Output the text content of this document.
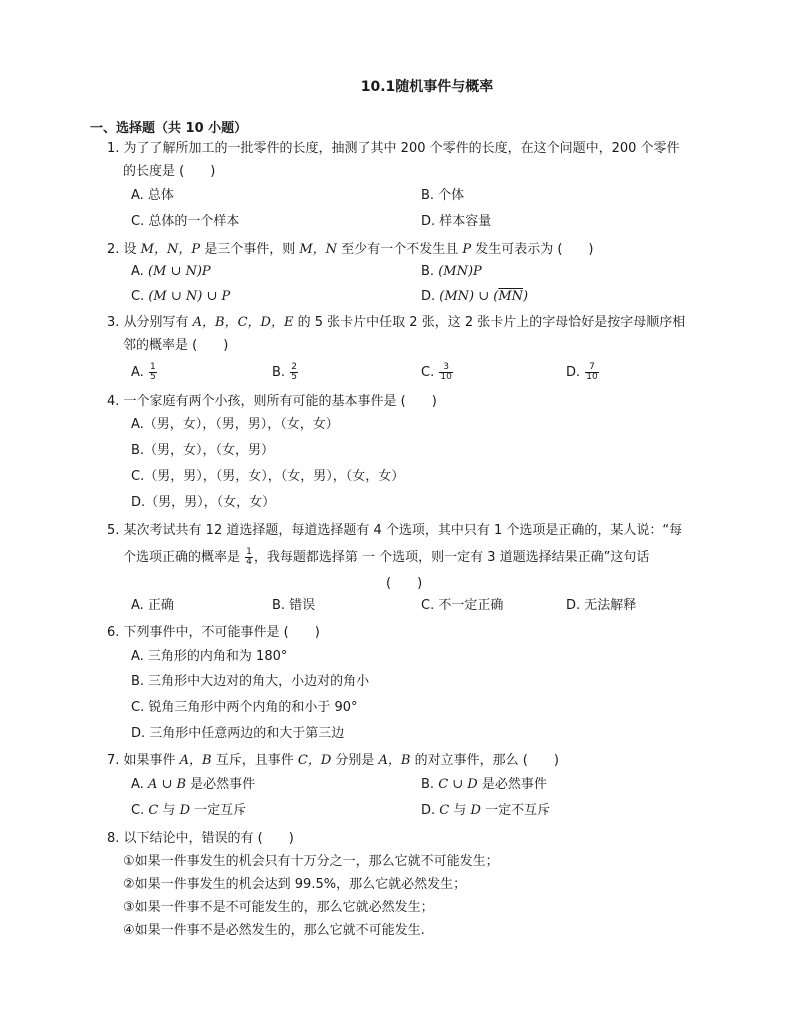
10.1随机事件与概率
一、选择题（共 10 小题）
1. 为了了解所加工的一批零件的长度，抽测了其中 200 个零件的长度，在这个问题中，200 个零件
的长度是 (　　)
A. 总体	B. 个体
C. 总体的一个样本	D. 样本容量
2. 设 M，N，P 是三个事件，则 M，N 至少有一个不发生且 P 发生可表示为 (　　)
A. (M ∪ N)P	B. (MN)P
C. (M ∪ N) ∪ P	D. (MN) ∪ $(\overline{MN})$
3. 从分别写有 A，B，C，D，E 的 5 张卡片中任取 2 张，这 2 张卡片上的字母恰好是按字母顺序相
邻的概率是 (　　)
A. $\frac{1}{5}$	B. $\frac{2}{5}$	C. $\frac{3}{10}$	D. $\frac{7}{10}$
4. 一个家庭有两个小孩，则所有可能的基本事件是 (　　)
A.（男，女），（男，男），（女，女）
B.（男，女），（女，男）
C.（男，男），（男，女），（女，男），（女，女）
D.（男，男），（女，女）
5. 某次考试共有 12 道选择题，每道选择题有 4 个选项，其中只有 1 个选项是正确的，某人说：“每
个选项正确的概率是 $\frac{1}{4}$ ，我每题都选择第 一 个选项，则一定有 3 道题选择结果正确”这句话
(　　)
A. 正确	B. 错误	C. 不一定正确	D. 无法解释
6. 下列事件中，不可能事件是 (　　)
A. 三角形的内角和为 180°
B. 三角形中大边对的角大，小边对的角小
C. 锐角三角形中两个内角的和小于 90°
D. 三角形中任意两边的和大于第三边
7. 如果事件 A，B 互斥，且事件 C，D 分别是 A，B 的对立事件，那么 (　　)
A. A ∪ B 是必然事件	B. C ∪ D 是必然事件
C. C 与 D 一定互斥	D. C 与 D 一定不互斥
8. 以下结论中，错误的有 (　　)
①如果一件事发生的机会只有十万分之一，那么它就不可能发生；
②如果一件事发生的机会达到 99.5%，那么它就必然发生；
③如果一件事不是不可能发生的，那么它就必然发生；
④如果一件事不是必然发生的，那么它就不可能发生.
